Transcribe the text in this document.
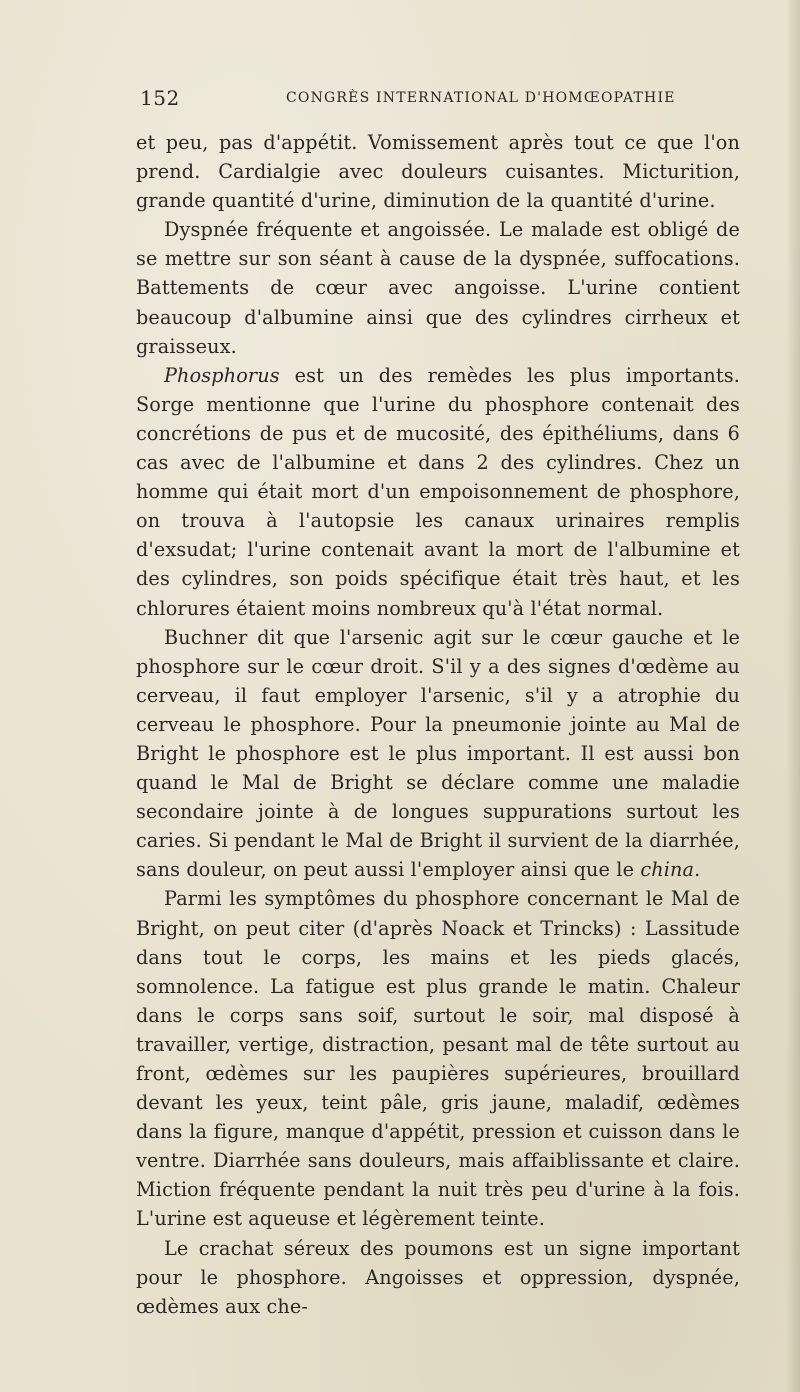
152	CONGRÈS INTERNATIONAL D'HOMŒOPATHIE

et peu, pas d'appétit. Vomissement après tout ce que l'on prend. Cardialgie avec douleurs cuisantes. Micturition, grande quantité d'urine, diminution de la quantité d'urine.

Dyspnée fréquente et angoissée. Le malade est obligé de se mettre sur son séant à cause de la dyspnée, suffocations. Battements de cœur avec angoisse. L'urine contient beaucoup d'albumine ainsi que des cylindres cirrheux et graisseux.

Phosphorus est un des remèdes les plus importants. Sorge mentionne que l'urine du phosphore contenait des concrétions de pus et de mucosité, des épithéliums, dans 6 cas avec de l'albumine et dans 2 des cylindres. Chez un homme qui était mort d'un empoisonnement de phosphore, on trouva à l'autopsie les canaux urinaires remplis d'exsudat; l'urine contenait avant la mort de l'albumine et des cylindres, son poids spécifique était très haut, et les chlorures étaient moins nombreux qu'à l'état normal.

Buchner dit que l'arsenic agit sur le cœur gauche et le phosphore sur le cœur droit. S'il y a des signes d'œdème au cerveau, il faut employer l'arsenic, s'il y a atrophie du cerveau le phosphore. Pour la pneumonie jointe au Mal de Bright le phosphore est le plus important. Il est aussi bon quand le Mal de Bright se déclare comme une maladie secondaire jointe à de longues suppurations surtout les caries. Si pendant le Mal de Bright il survient de la diarrhée, sans douleur, on peut aussi l'employer ainsi que le china.

Parmi les symptômes du phosphore concernant le Mal de Bright, on peut citer (d'après Noack et Trincks) : Lassitude dans tout le corps, les mains et les pieds glacés, somnolence. La fatigue est plus grande le matin. Chaleur dans le corps sans soif, surtout le soir, mal disposé à travailler, vertige, distraction, pesant mal de tête surtout au front, œdèmes sur les paupières supérieures, brouillard devant les yeux, teint pâle, gris jaune, maladif, œdèmes dans la figure, manque d'appétit, pression et cuisson dans le ventre. Diarrhée sans douleurs, mais affaiblissante et claire. Miction fréquente pendant la nuit très peu d'urine à la fois. L'urine est aqueuse et légèrement teinte.

Le crachat séreux des poumons est un signe important pour le phosphore. Angoisses et oppression, dyspnée, œdèmes aux che-
